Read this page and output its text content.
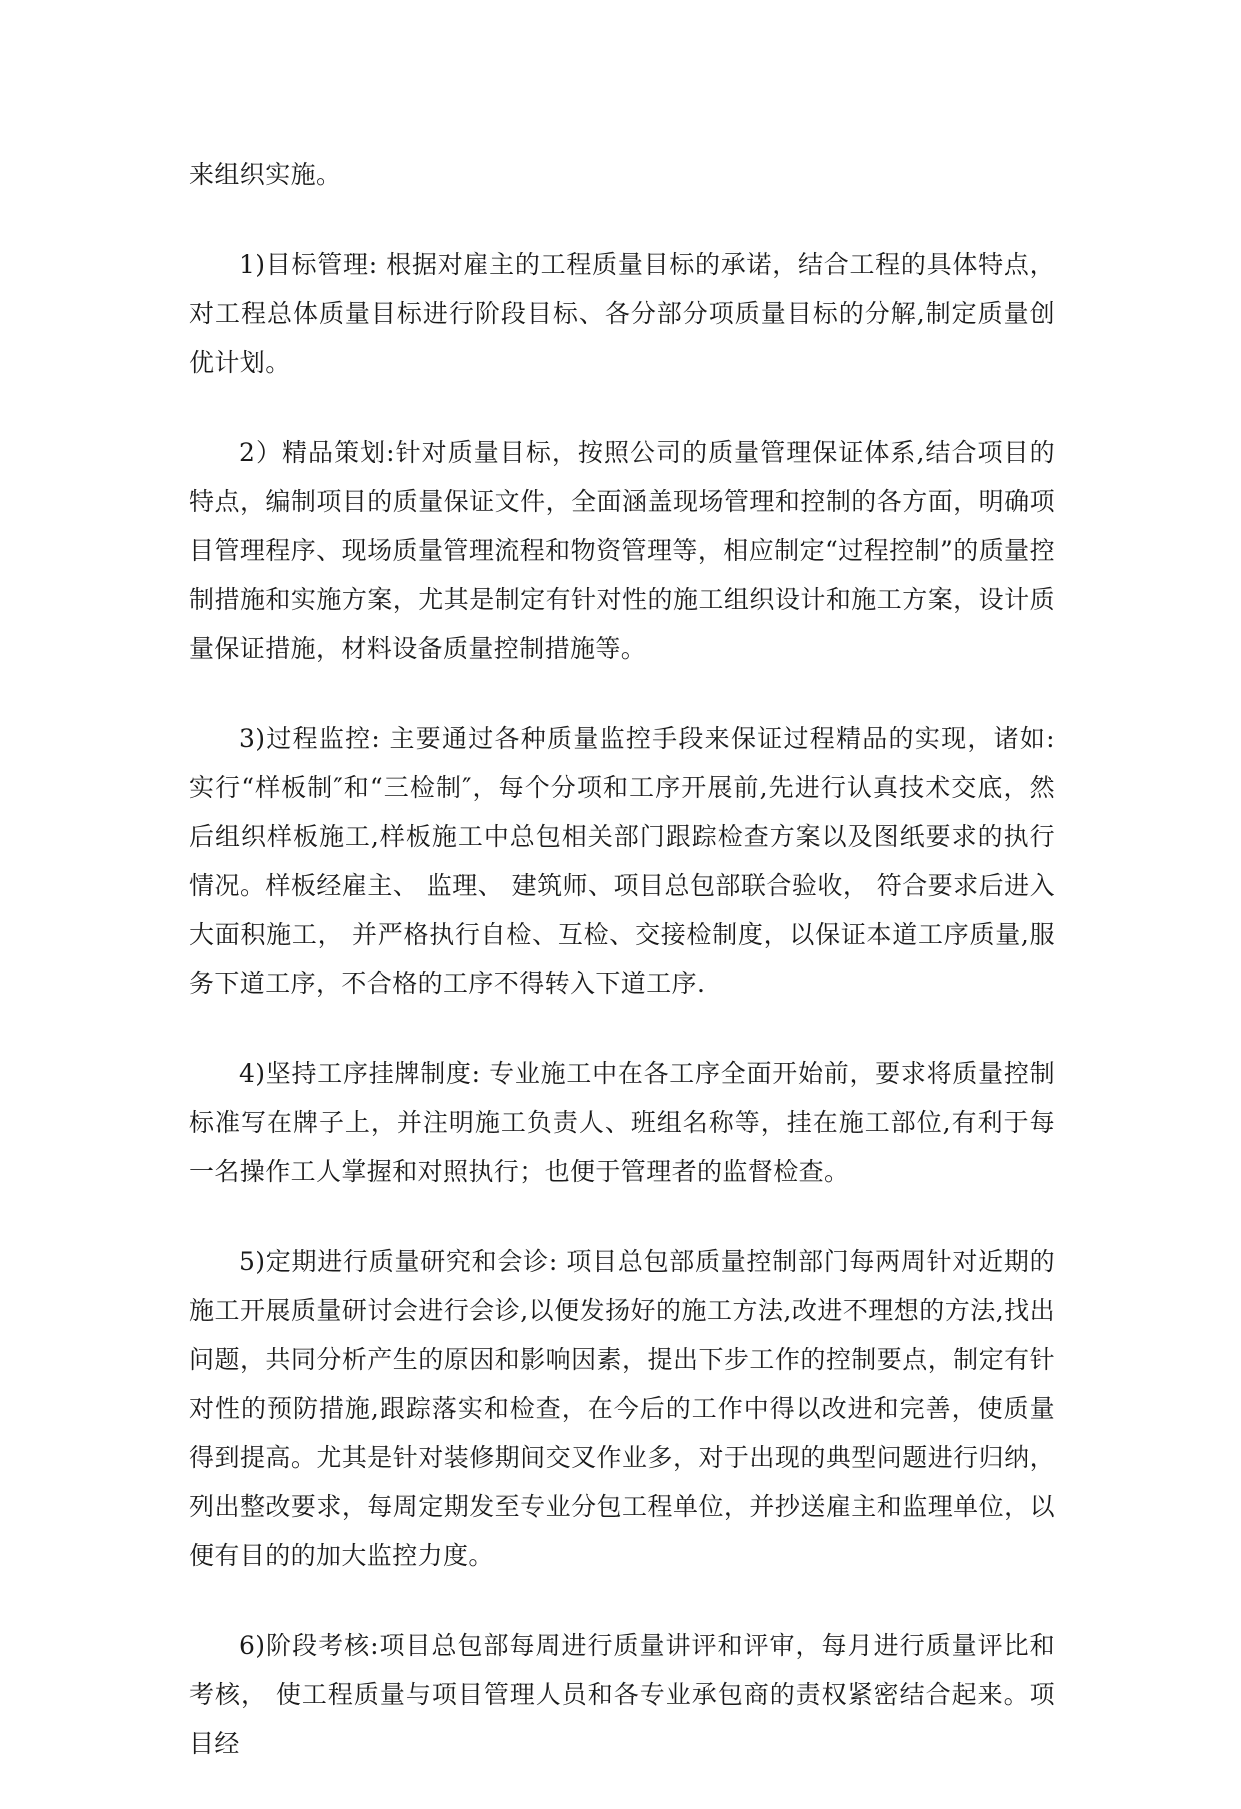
来组织实施。

1)目标管理: 根据对雇主的工程质量目标的承诺，结合工程的具体特点，对工程总体质量目标进行阶段目标、各分部分项质量目标的分解,制定质量创优计划。

2）精品策划:针对质量目标，按照公司的质量管理保证体系,结合项目的特点，编制项目的质量保证文件，全面涵盖现场管理和控制的各方面，明确项目管理程序、现场质量管理流程和物资管理等，相应制定“过程控制”的质量控制措施和实施方案，尤其是制定有针对性的施工组织设计和施工方案，设计质量保证措施，材料设备质量控制措施等。

3)过程监控: 主要通过各种质量监控手段来保证过程精品的实现，诸如: 实行“样板制″和“三检制″，每个分项和工序开展前,先进行认真技术交底，然后组织样板施工,样板施工中总包相关部门跟踪检查方案以及图纸要求的执行情况。样板经雇主、 监理、 建筑师、项目总包部联合验收， 符合要求后进入大面积施工， 并严格执行自检、互检、交接检制度，以保证本道工序质量,服务下道工序，不合格的工序不得转入下道工序.

4)坚持工序挂牌制度: 专业施工中在各工序全面开始前，要求将质量控制标准写在牌子上，并注明施工负责人、班组名称等，挂在施工部位,有利于每一名操作工人掌握和对照执行；也便于管理者的监督检查。

5)定期进行质量研究和会诊: 项目总包部质量控制部门每两周针对近期的施工开展质量研讨会进行会诊,以便发扬好的施工方法,改进不理想的方法,找出问题，共同分析产生的原因和影响因素，提出下步工作的控制要点，制定有针对性的预防措施,跟踪落实和检查，在今后的工作中得以改进和完善，使质量得到提高。尤其是针对装修期间交叉作业多，对于出现的典型问题进行归纳，列出整改要求，每周定期发至专业分包工程单位，并抄送雇主和监理单位，以便有目的的加大监控力度。

6)阶段考核:项目总包部每周进行质量讲评和评审，每月进行质量评比和考核， 使工程质量与项目管理人员和各专业承包商的责权紧密结合起来。项目经
